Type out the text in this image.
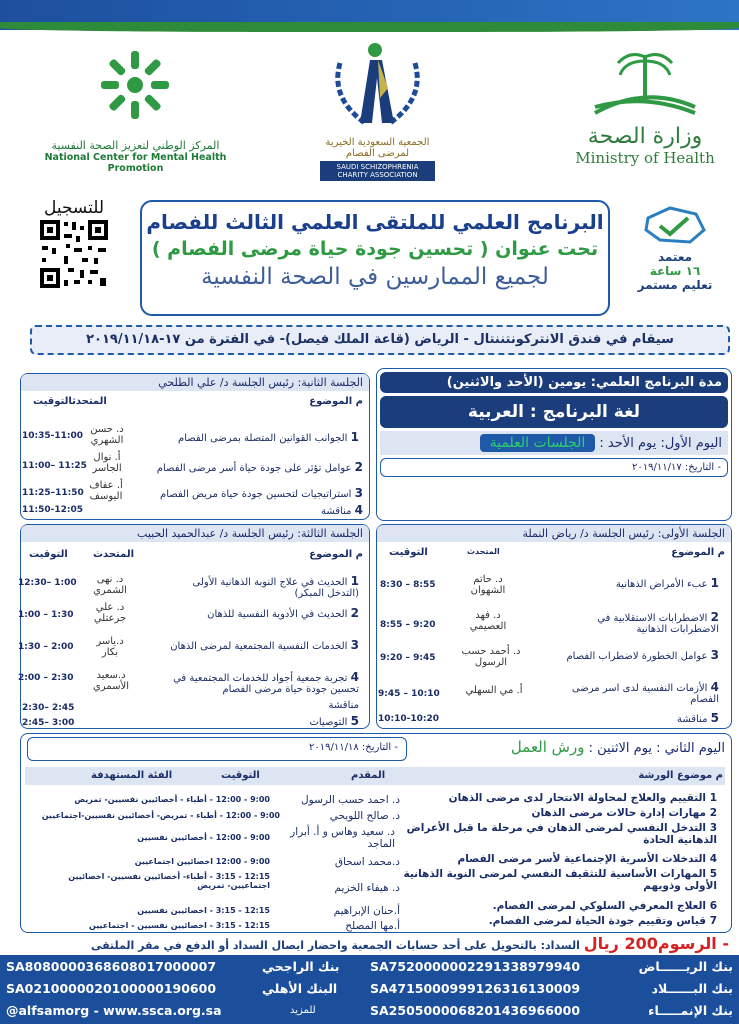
وزارة الصحة
Ministry of Health
الجمعية السعودية الخيرية لمرضى الفصام
SAUDI SCHIZOPHRENIA CHARITY ASSOCIATION
المركز الوطني لتعزيز الصحة النفسية
National Center for Mental Health Promotion
للتسجيل
البرنامج العلمي للملتقى العلمي الثالث للفصام
تحت عنوان ( تحسين جودة حياة مرضى الفصام )
لجميع الممارسين في الصحة النفسية
معتمد
١٦ ساعة
تعليم مستمر
سيقام في فندق الانتركونتننتال - الرياض (قاعة الملك فيصل)- في الفترة من ١٧-٢٠١٩/١١/١٨
مدة البرنامج العلمي: يومين (الأحد والاثنين)
لغة البرنامج : العربية
اليوم الأول: يوم الأحد : الجلسات العلمية
- التاريخ: ٢٠١٩/١١/١٧
الجلسة الثانية: رئيس الجلسة د/ علي الطلحي
م الموضوع
المتحدثالتوقيت
1 الجوانب القوانين المتصلة بمرضى الفصام
د. حسن الشهري
10:35-11:00
2 عوامل تؤثر على جودة حياة أسر مرضى الفصام
أ. نوال الجاسر
11:00– 11:25
3 استراتيجيات لتحسين جودة حياة مريض الفصام
أ. عفاف اليوسف
11:25–11:50
4 مناقشة
11:50-12:05
الجلسة الأولى: رئيس الجلسة د/ رياض النملة
م الموضوع
المتحدث
التوقيت
1 عبء الأمراض الذهانية
د. حاتم الشهوان
8:30 – 8:55
2 الاضطرابات الاستقلابية في الاضطرابات الذهانية
د. فهد العصيمي
8:55 – 9:20
3 عوامل الخطورة لاضطراب الفصام
د. أحمد حسب الرسول
9:20 – 9:45
4 الأزمات النفسية لدى اسر مرضى الفصام
أ. مي السهلي
9:45 – 10:10
5 مناقشة
10:10-10:20
الجلسة الثالثة: رئيس الجلسة د/ عبدالحميد الحبيب
م الموضوع
المتحدث
التوقيت
1 الحديث في علاج النوبة الذهانية الأولى (التدخل المبكر)
د. نهى الشمري
12:30– 1:00
2 الحديث في الأدوية النفسية للذهان
د. علي جرعتلي
1:00 – 1:30
3 الخدمات النفسية المجتمعية لمرضى الذهان
د.ياسر بكار
1:30 – 2:00
4 تجربة جمعية أجواد للخدمات المجتمعية في تحسين جودة حياة مرضى الفصام
د.سعيد الأسمري
2:00 – 2:30
مناقشة
2:30– 2:45
5 التوصيات
2:45– 3:00
اليوم الثاني : يوم الاثنين : ورش العمل
- التاريخ: ٢٠١٩/١١/١٨
م موضوع الورشة
المقدم
التوقيت
الفئة المستهدفة
1 التقييم والعلاج لمحاولة الانتحار لدى مرضى الذهان
د. احمد حسب الرسول
9:00 - 12:00 - أطباء - أخصائيين نفسيين- تمريض
2 مهارات إدارة حالات مرضى الذهان
د. صالح اللويحي
9:00 - 12:00 - أطباء - تمريض- أخصائيين نفسيين-اجتماعيين
3 التدخل النفسي لمرضى الذهان في مرحلة ما قبل الأعراض الذهانية الحادة
د. سعيد وهاس و أ. أبرار الماجد
9:00 - 12:00 - أخصائيين نفسيين
4 التدخلات الأسرية الإجتماعية لأسر مرضى الفصام
د.محمد اسحاق
9:00 - 12:00 اخصائيين اجتماعيين
5 المهارات الأساسية للتثقيف النفسي لمرضى النوبة الذهانية الأولى وذويهم
د. هيفاء الخزيم
12:15 - 3:15 - أطباء- أخصائيين نفسيين- اخصائيين اجتماعيين- تمريض
6 العلاج المعرفي السلوكي لمرضى الفصام.
أ.حنان الإبراهيم
12:15 - 3:15 - اخصائيين نفسيين
7 قياس وتقييم جودة الحياة لمرضى الفصام.
أ.مها المصلح
12:15 - 3:15 - اخصائيين نفسيين - اجتماعيين
- الرسوم200 ريال السداد: بالتحويل على أحد حسابات الجمعية واحضار ايصال السداد أو الدفع في مقر الملتقى
بنك الريــــــاض
SA7520000002291338979940
بنك الراجحي
SA8080000368608017000007
بنك البــــــلاد
SA4715000999126316130009
البنك الأهلي
SA0210000020100000190600
بنك الإنمـــــاء
SA2505000068201436966000
للمزيد
@alfsamorg - www.ssca.org.sa
